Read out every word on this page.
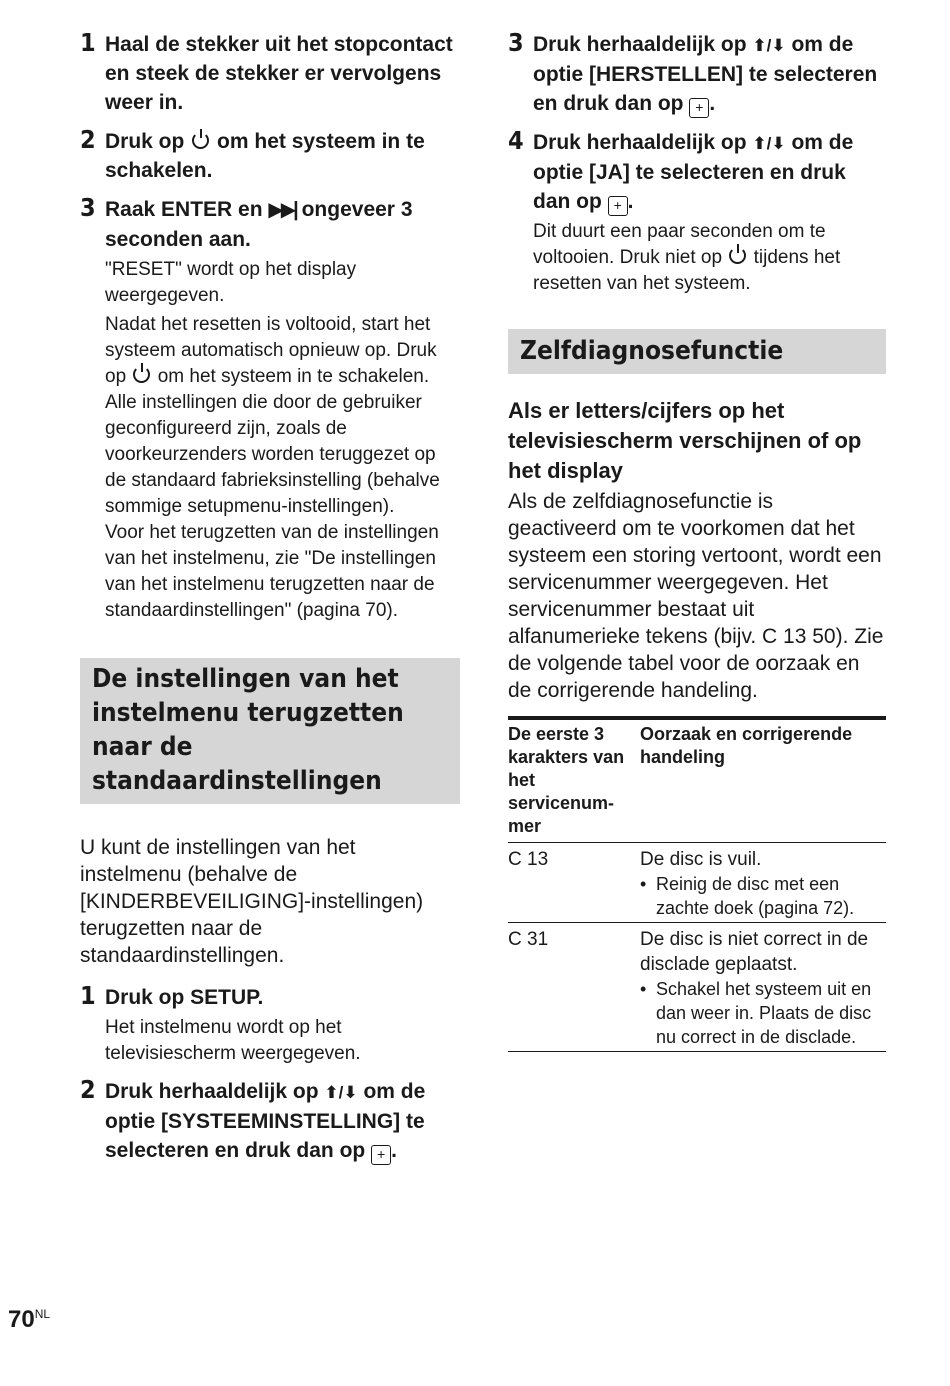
1 Haal de stekker uit het stopcontact en steek de stekker er vervolgens weer in.
2 Druk op om het systeem in te schakelen.
3 Raak ENTER en ▶▶| ongeveer 3 seconden aan.
"RESET" wordt op het display weergegeven.
Nadat het resetten is voltooid, start het systeem automatisch opnieuw op. Druk op om het systeem in te schakelen.
Alle instellingen die door de gebruiker geconfigureerd zijn, zoals de voorkeurzenders worden teruggezet op de standaard fabrieksinstelling (behalve sommige setupmenu-instellingen).
Voor het terugzetten van de instellingen van het instelmenu, zie "De instellingen van het instelmenu terugzetten naar de standaardinstellingen" (pagina 70).
De instellingen van het instelmenu terugzetten naar de standaardinstellingen
U kunt de instellingen van het instelmenu (behalve de [KINDERBEVEILIGING]-instellingen) terugzetten naar de standaardinstellingen.
1 Druk op SETUP.
Het instelmenu wordt op het televisiescherm weergegeven.
2 Druk herhaaldelijk op ⬆/⬇ om de optie [SYSTEEMINSTELLING] te selecteren en druk dan op + .
3 Druk herhaaldelijk op ⬆/⬇ om de optie [HERSTELLEN] te selecteren en druk dan op + .
4 Druk herhaaldelijk op ⬆/⬇ om de optie [JA] te selecteren en druk dan op + .
Dit duurt een paar seconden om te voltooien. Druk niet op tijdens het resetten van het systeem.
Zelfdiagnosefunctie
Als er letters/cijfers op het televisiescherm verschijnen of op het display
Als de zelfdiagnosefunctie is geactiveerd om te voorkomen dat het systeem een storing vertoont, wordt een servicenummer weergegeven. Het servicenummer bestaat uit alfanumerieke tekens (bijv. C 13 50). Zie de volgende tabel voor de oorzaak en de corrigerende handeling.
De eerste 3 karakters van het servicenum-mer	Oorzaak en corrigerende handeling
C 13	De disc is vuil.
• Reinig de disc met een zachte doek (pagina 72).

C 31	De disc is niet correct in de disclade geplaatst.
• Schakel het systeem uit en dan weer in. Plaats de disc nu correct in de disclade.
$70^{NL}$
